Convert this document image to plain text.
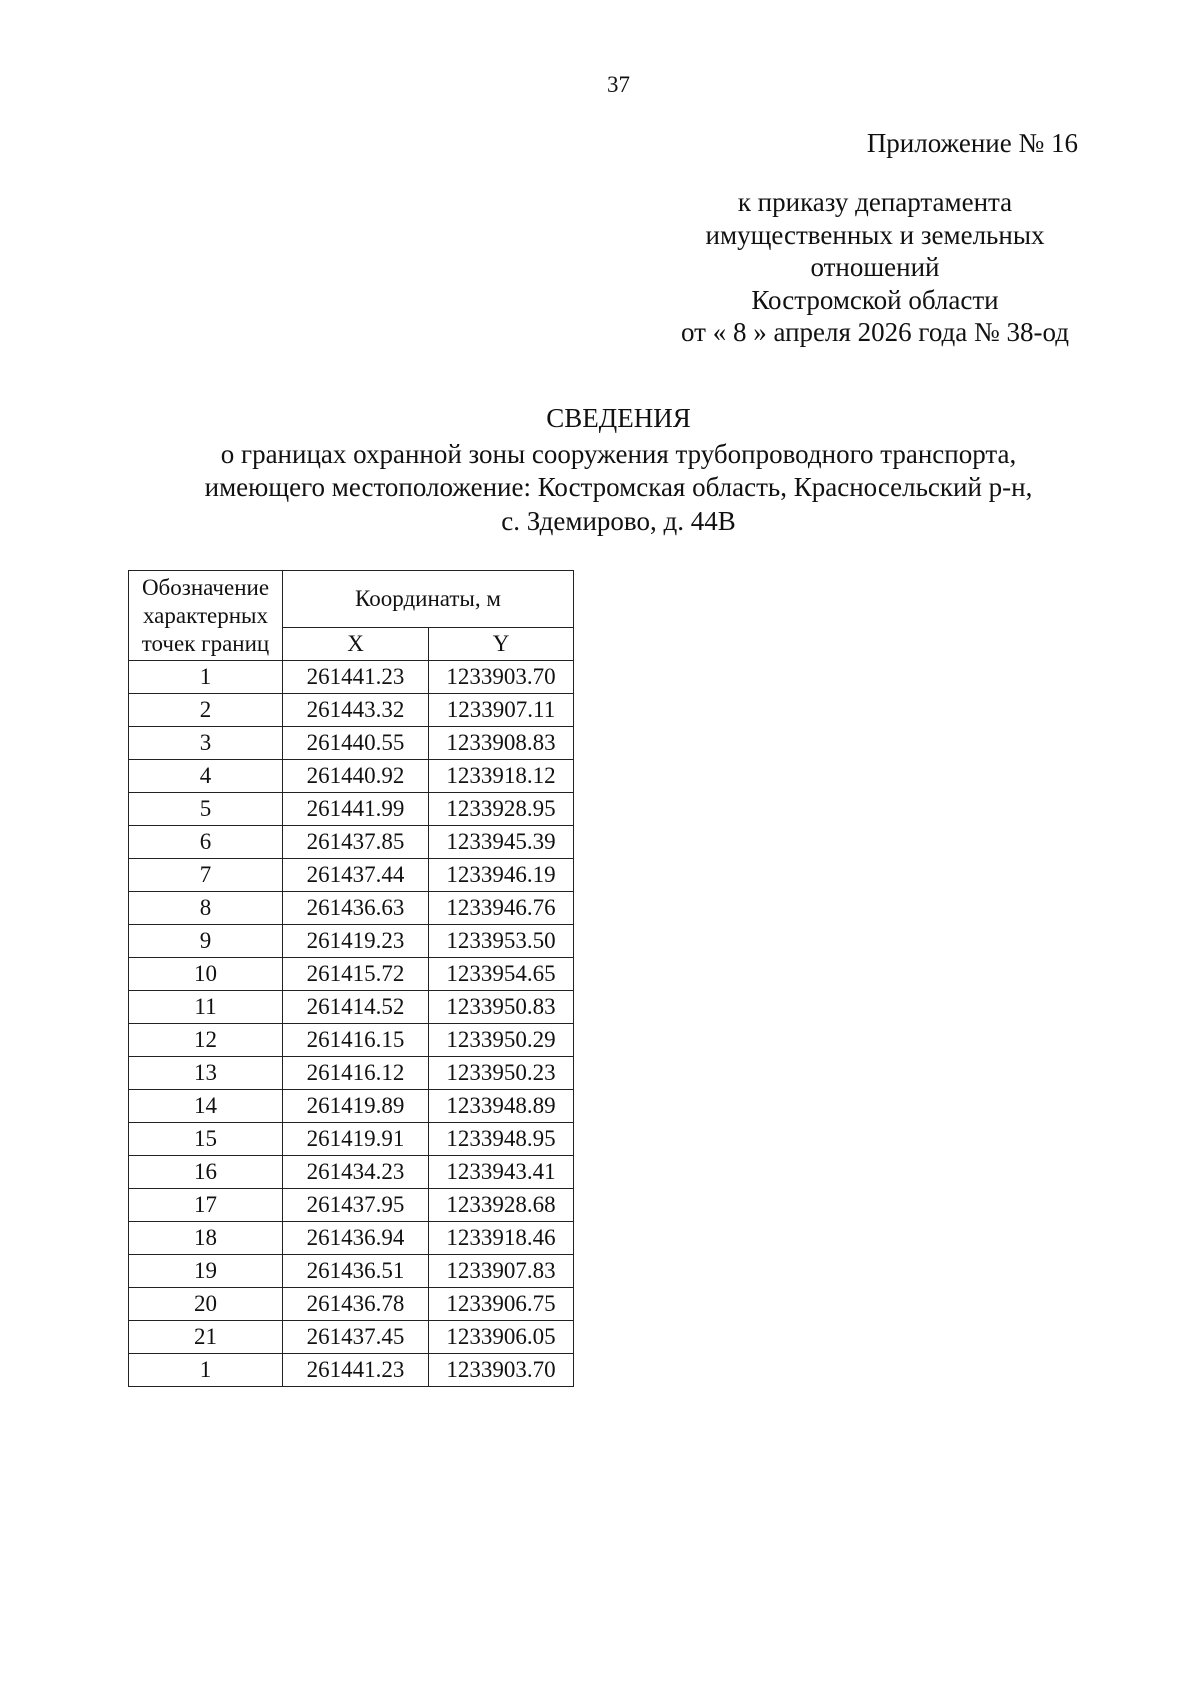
37
Приложение № 16
к приказу департамента
имущественных и земельных
отношений
Костромской области
от « 8 » апреля 2026 года № 38-од
СВЕДЕНИЯ
о границах охранной зоны сооружения трубопроводного транспорта,
имеющего местоположение: Костромская область, Красносельский р-н,
с. Здемирово, д. 44В
Обозначение характерных точек границ	Координаты, м	
	X	Y
1	261441.23	1233903.70
2	261443.32	1233907.11
3	261440.55	1233908.83
4	261440.92	1233918.12
5	261441.99	1233928.95
6	261437.85	1233945.39
7	261437.44	1233946.19
8	261436.63	1233946.76
9	261419.23	1233953.50
10	261415.72	1233954.65
11	261414.52	1233950.83
12	261416.15	1233950.29
13	261416.12	1233950.23
14	261419.89	1233948.89
15	261419.91	1233948.95
16	261434.23	1233943.41
17	261437.95	1233928.68
18	261436.94	1233918.46
19	261436.51	1233907.83
20	261436.78	1233906.75
21	261437.45	1233906.05
1	261441.23	1233903.70
